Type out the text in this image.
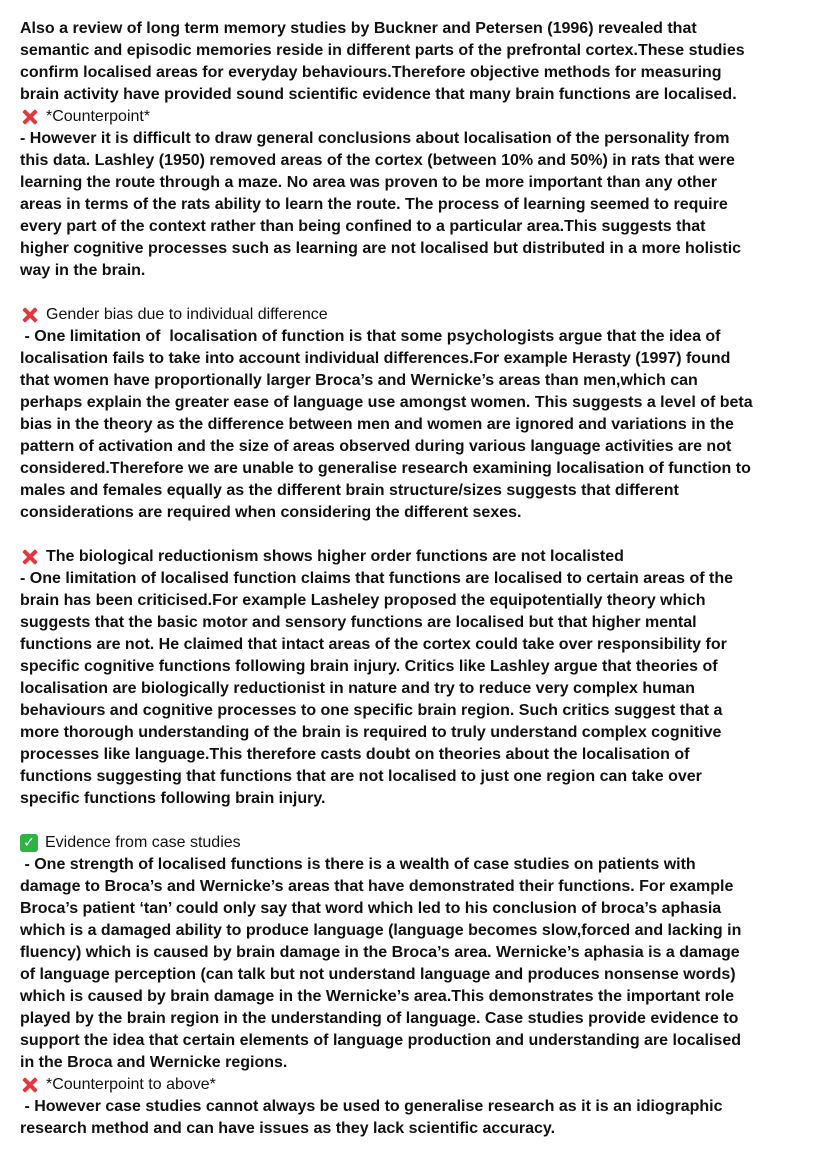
Also a review of long term memory studies by Buckner and Petersen (1996) revealed that
semantic and episodic memories reside in different parts of the prefrontal cortex.These studies
confirm localised areas for everyday behaviours.Therefore objective methods for measuring
brain activity have provided sound scientific evidence that many brain functions are localised.
*Counterpoint*
- However it is difficult to draw general conclusions about localisation of the personality from
this data. Lashley (1950) removed areas of the cortex (between 10% and 50%) in rats that were
learning the route through a maze. No area was proven to be more important than any other
areas in terms of the rats ability to learn the route. The process of learning seemed to require
every part of the context rather than being confined to a particular area.This suggests that
higher cognitive processes such as learning are not localised but distributed in a more holistic
way in the brain.
Gender bias due to individual difference
- One limitation of  localisation of function is that some psychologists argue that the idea of
localisation fails to take into account individual differences.For example Herasty (1997) found
that women have proportionally larger Broca’s and Wernicke’s areas than men,which can
perhaps explain the greater ease of language use amongst women. This suggests a level of beta
bias in the theory as the difference between men and women are ignored and variations in the
pattern of activation and the size of areas observed during various language activities are not
considered.Therefore we are unable to generalise research examining localisation of function to
males and females equally as the different brain structure/sizes suggests that different
considerations are required when considering the different sexes.
The biological reductionism shows higher order functions are not localisted
- One limitation of localised function claims that functions are localised to certain areas of the
brain has been criticised.For example Lasheley proposed the equipotentially theory which
suggests that the basic motor and sensory functions are localised but that higher mental
functions are not. He claimed that intact areas of the cortex could take over responsibility for
specific cognitive functions following brain injury. Critics like Lashley argue that theories of
localisation are biologically reductionist in nature and try to reduce very complex human
behaviours and cognitive processes to one specific brain region. Such critics suggest that a
more thorough understanding of the brain is required to truly understand complex cognitive
processes like language.This therefore casts doubt on theories about the localisation of
functions suggesting that functions that are not localised to just one region can take over
specific functions following brain injury.
✓ Evidence from case studies
- One strength of localised functions is there is a wealth of case studies on patients with
damage to Broca’s and Wernicke’s areas that have demonstrated their functions. For example
Broca’s patient ‘tan’ could only say that word which led to his conclusion of broca’s aphasia
which is a damaged ability to produce language (language becomes slow,forced and lacking in
fluency) which is caused by brain damage in the Broca’s area. Wernicke’s aphasia is a damage
of language perception (can talk but not understand language and produces nonsense words)
which is caused by brain damage in the Wernicke’s area.This demonstrates the important role
played by the brain region in the understanding of language. Case studies provide evidence to
support the idea that certain elements of language production and understanding are localised
in the Broca and Wernicke regions.
*Counterpoint to above*
- However case studies cannot always be used to generalise research as it is an idiographic
research method and can have issues as they lack scientific accuracy.
